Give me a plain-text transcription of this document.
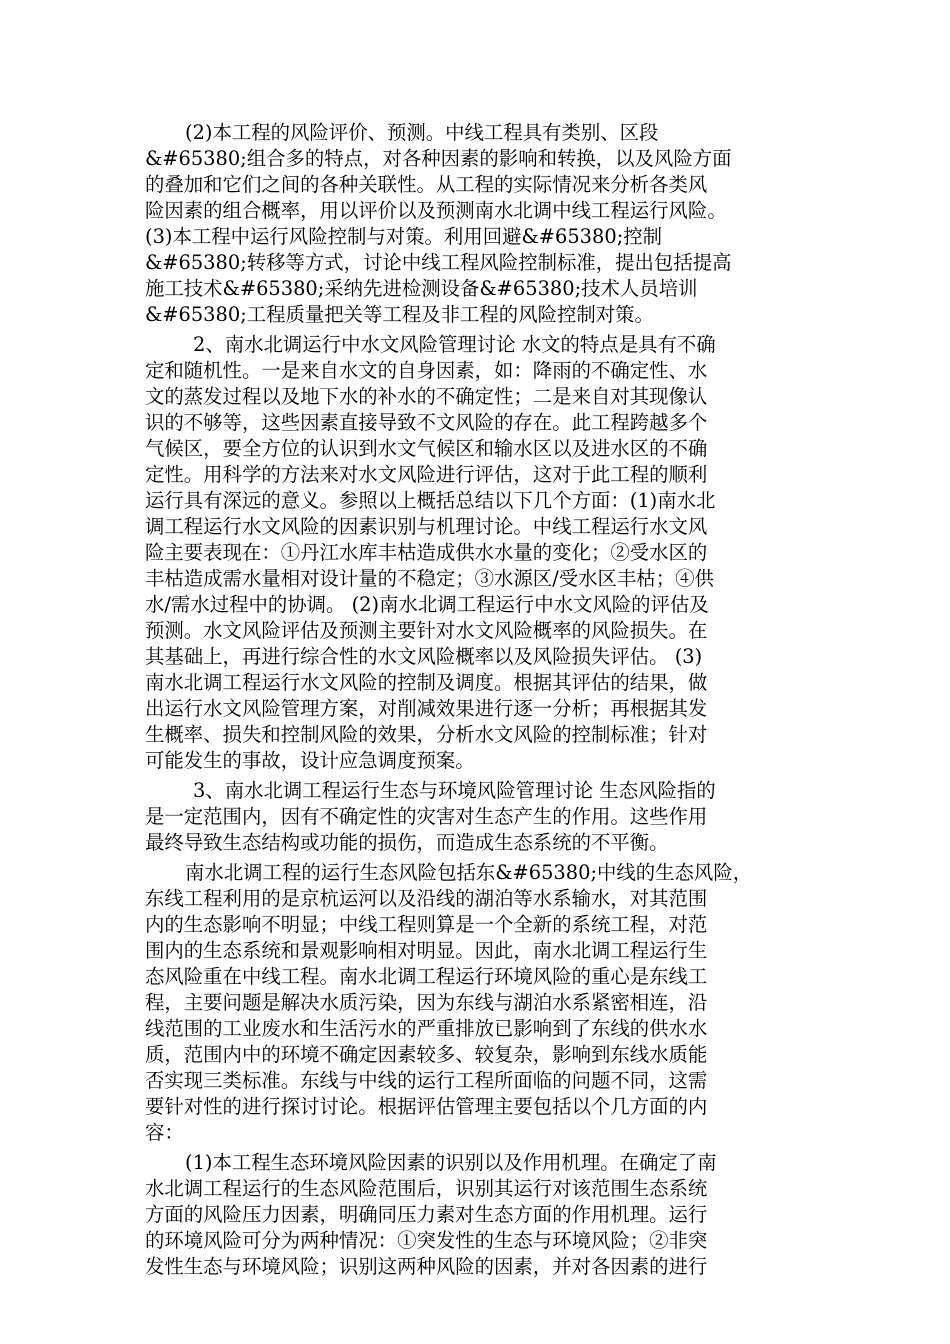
(2)本工程的风险评价、预测。中线工程具有类别、区段
&#65380;组合多的特点，对各种因素的影响和转换，以及风险方面
的叠加和它们之间的各种关联性。从工程的实际情况来分析各类风
险因素的组合概率，用以评价以及预测南水北调中线工程运行风险。
(3)本工程中运行风险控制与对策。利用回避&#65380;控制
&#65380;转移等方式，讨论中线工程风险控制标准，提出包括提高
施工技术&#65380;采纳先进检测设备&#65380;技术人员培训
&#65380;工程质量把关等工程及非工程的风险控制对策。
2、南水北调运行中水文风险管理讨论 水文的特点是具有不确
定和随机性。一是来自水文的自身因素，如：降雨的不确定性、水
文的蒸发过程以及地下水的补水的不确定性；二是来自对其现像认
识的不够等，这些因素直接导致不文风险的存在。此工程跨越多个
气候区，要全方位的认识到水文气候区和输水区以及进水区的不确
定性。用科学的方法来对水文风险进行评估，这对于此工程的顺利
运行具有深远的意义。参照以上概括总结以下几个方面：(1)南水北
调工程运行水文风险的因素识别与机理讨论。中线工程运行水文风
险主要表现在：①丹江水库丰枯造成供水水量的变化；②受水区的
丰枯造成需水量相对设计量的不稳定；③水源区/受水区丰枯；④供
水/需水过程中的协调。 (2)南水北调工程运行中水文风险的评估及
预测。水文风险评估及预测主要针对水文风险概率的风险损失。在
其基础上，再进行综合性的水文风险概率以及风险损失评估。 (3)
南水北调工程运行水文风险的控制及调度。根据其评估的结果，做
出运行水文风险管理方案，对削减效果进行逐一分析；再根据其发
生概率、损失和控制风险的效果，分析水文风险的控制标准；针对
可能发生的事故，设计应急调度预案。
3、南水北调工程运行生态与环境风险管理讨论 生态风险指的
是一定范围内，因有不确定性的灾害对生态产生的作用。这些作用
最终导致生态结构或功能的损伤，而造成生态系统的不平衡。
南水北调工程的运行生态风险包括东&#65380;中线的生态风险，
东线工程利用的是京杭运河以及沿线的湖泊等水系输水，对其范围
内的生态影响不明显；中线工程则算是一个全新的系统工程，对范
围内的生态系统和景观影响相对明显。因此，南水北调工程运行生
态风险重在中线工程。南水北调工程运行环境风险的重心是东线工
程，主要问题是解决水质污染，因为东线与湖泊水系紧密相连，沿
线范围的工业废水和生活污水的严重排放已影响到了东线的供水水
质，范围内中的环境不确定因素较多、较复杂，影响到东线水质能
否实现三类标准。东线与中线的运行工程所面临的问题不同，这需
要针对性的进行探讨讨论。根据评估管理主要包括以个几方面的内
容：
(1)本工程生态环境风险因素的识别以及作用机理。在确定了南
水北调工程运行的生态风险范围后，识别其运行对该范围生态系统
方面的风险压力因素，明确同压力素对生态方面的作用机理。运行
的环境风险可分为两种情况：①突发性的生态与环境风险；②非突
发性生态与环境风险；识别这两种风险的因素，并对各因素的进行
